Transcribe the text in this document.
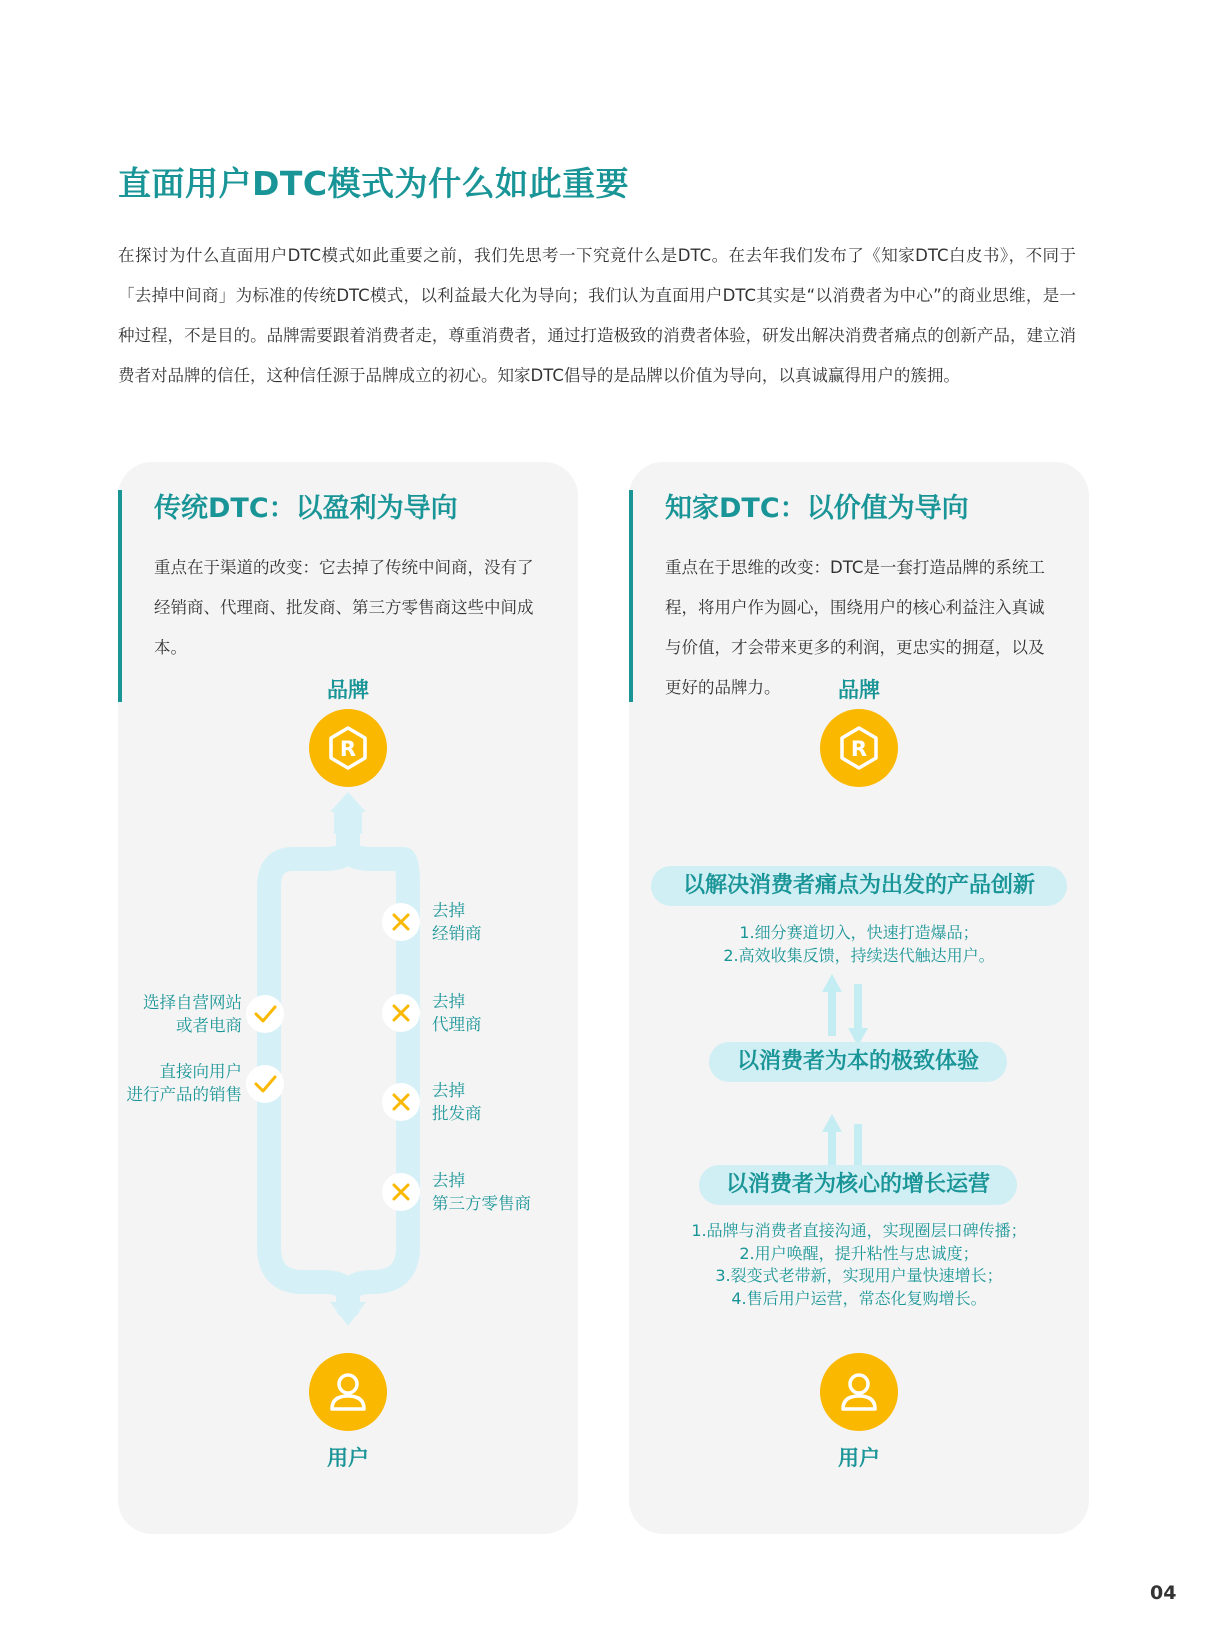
直面用户DTC模式为什么如此重要

在探讨为什么直面用户DTC模式如此重要之前，我们先思考一下究竟什么是DTC。在去年我们发布了《知家DTC白皮书》，不同于「去掉中间商」为标准的传统DTC模式，以利益最大化为导向；我们认为直面用户DTC其实是“以消费者为中心”的商业思维，是一种过程，不是目的。品牌需要跟着消费者走，尊重消费者，通过打造极致的消费者体验，研发出解决消费者痛点的创新产品，建立消费者对品牌的信任，这种信任源于品牌成立的初心。知家DTC倡导的是品牌以价值为导向，以真诚赢得用户的簇拥。

传统DTC：以盈利为导向
重点在于渠道的改变：它去掉了传统中间商，没有了经销商、代理商、批发商、第三方零售商这些中间成本。
品牌
R
选择自营网站
或者电商
直接向用户
进行产品的销售
去掉
经销商
去掉
代理商
去掉
批发商
去掉
第三方零售商
用户
知家DTC：以价值为导向
重点在于思维的改变：DTC是一套打造品牌的系统工程，将用户作为圆心，围绕用户的核心利益注入真诚与价值，才会带来更多的利润，更忠实的拥趸，以及更好的品牌力。	品牌
R
以解决消费者痛点为出发的产品创新
1.细分赛道切入，快速打造爆品；
2.高效收集反馈，持续迭代触达用户。
以消费者为本的极致体验
以消费者为核心的增长运营
1.品牌与消费者直接沟通，实现圈层口碑传播；
2.用户唤醒，提升粘性与忠诚度；
3.裂变式老带新，实现用户量快速增长；
4.售后用户运营，常态化复购增长。
用户
04
